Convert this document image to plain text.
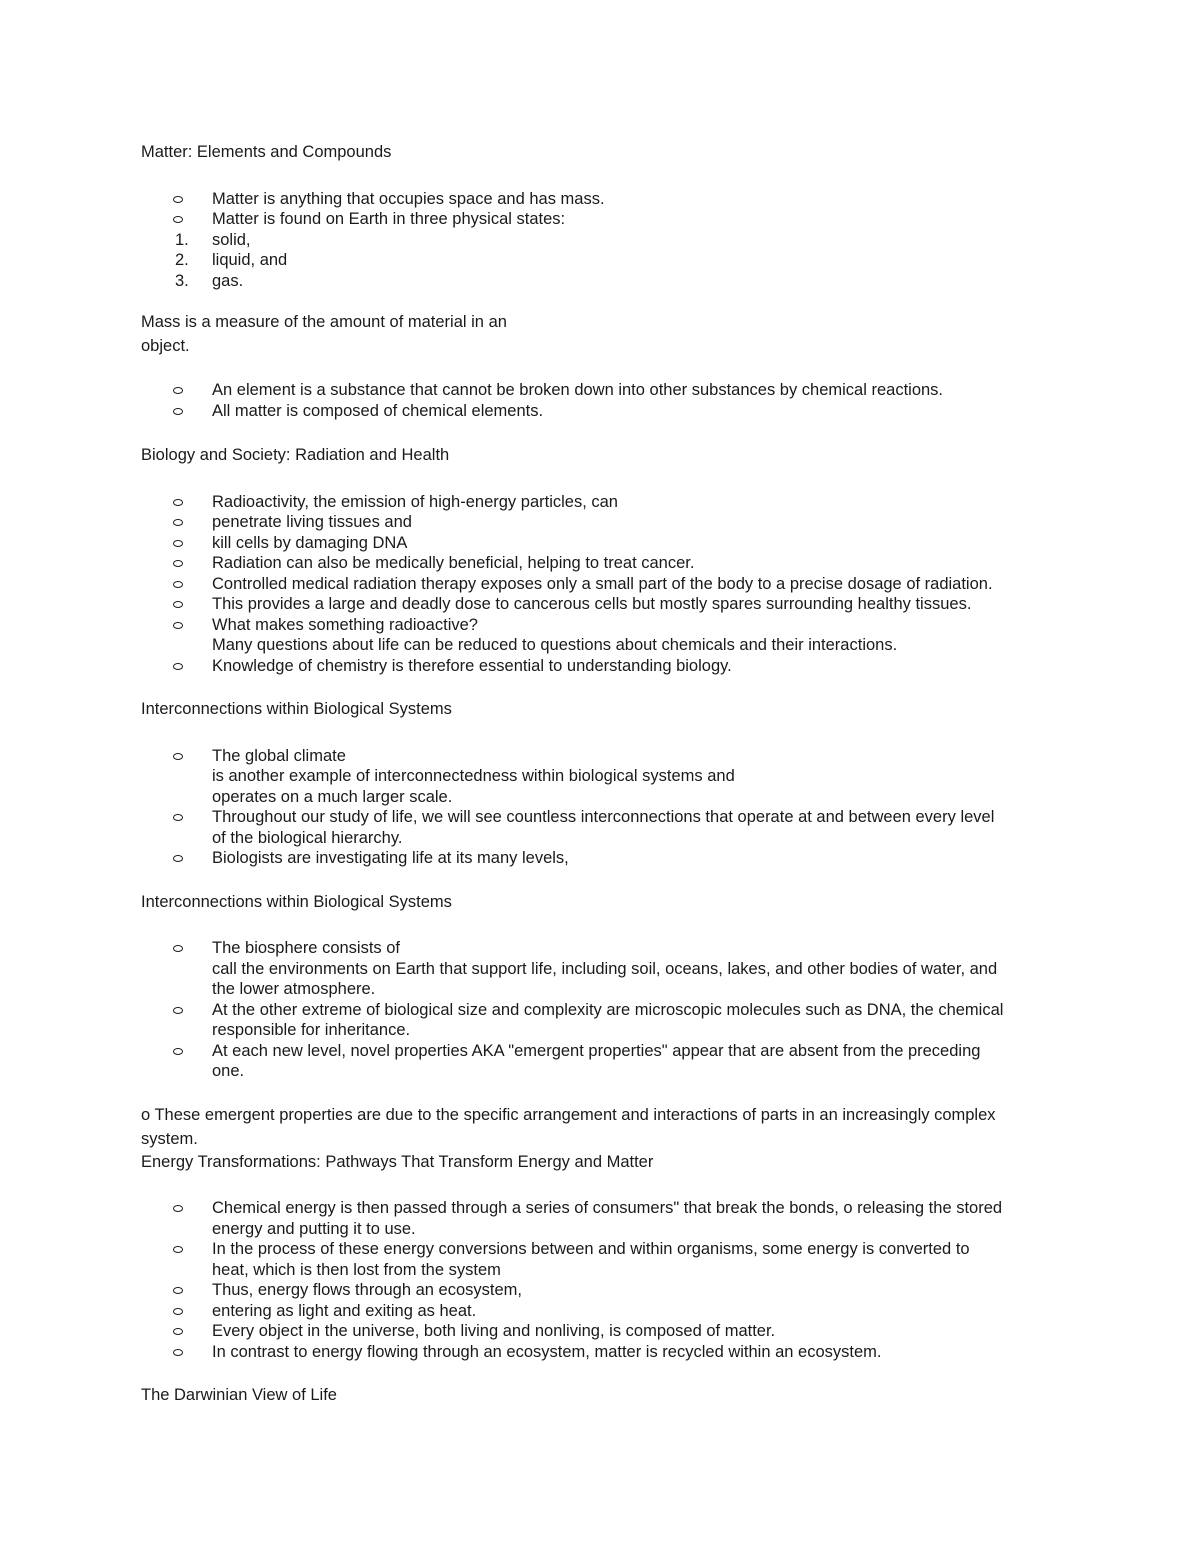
Matter: Elements and Compounds

Matter is anything that occupies space and has mass.
Matter is found on Earth in three physical states:
1. solid,
2. liquid, and
3. gas.

Mass is a measure of the amount of material in an

object.

An element is a substance that cannot be broken down into other substances by chemical reactions.
All matter is composed of chemical elements.

Biology and Society: Radiation and Health

Radioactivity, the emission of high-energy particles, can
penetrate living tissues and
kill cells by damaging DNA
Radiation can also be medically beneficial, helping to treat cancer.
Controlled medical radiation therapy exposes only a small part of the body to a precise dosage of radiation.
This provides a large and deadly dose to cancerous cells but mostly spares surrounding healthy tissues.
What makes something radioactive?
Many questions about life can be reduced to questions about chemicals and their interactions.
Knowledge of chemistry is therefore essential to understanding biology.

Interconnections within Biological Systems

The global climate
is another example of interconnectedness within biological systems and
operates on a much larger scale.
Throughout our study of life, we will see countless interconnections that operate at and between every level
of the biological hierarchy.
Biologists are investigating life at its many levels,

Interconnections within Biological Systems

The biosphere consists of
call the environments on Earth that support life, including soil, oceans, lakes, and other bodies of water, and
the lower atmosphere.
At the other extreme of biological size and complexity are microscopic molecules such as DNA, the chemical
responsible for inheritance.
At each new level, novel properties AKA "emergent properties" appear that are absent from the preceding
one.

o These emergent properties are due to the specific arrangement and interactions of parts in an increasingly complex

system.

Energy Transformations: Pathways That Transform Energy and Matter

Chemical energy is then passed through a series of consumers" that break the bonds, o releasing the stored
energy and putting it to use.
In the process of these energy conversions between and within organisms, some energy is converted to
heat, which is then lost from the system
Thus, energy flows through an ecosystem,
entering as light and exiting as heat.
Every object in the universe, both living and nonliving, is composed of matter.
In contrast to energy flowing through an ecosystem, matter is recycled within an ecosystem.

The Darwinian View of Life
